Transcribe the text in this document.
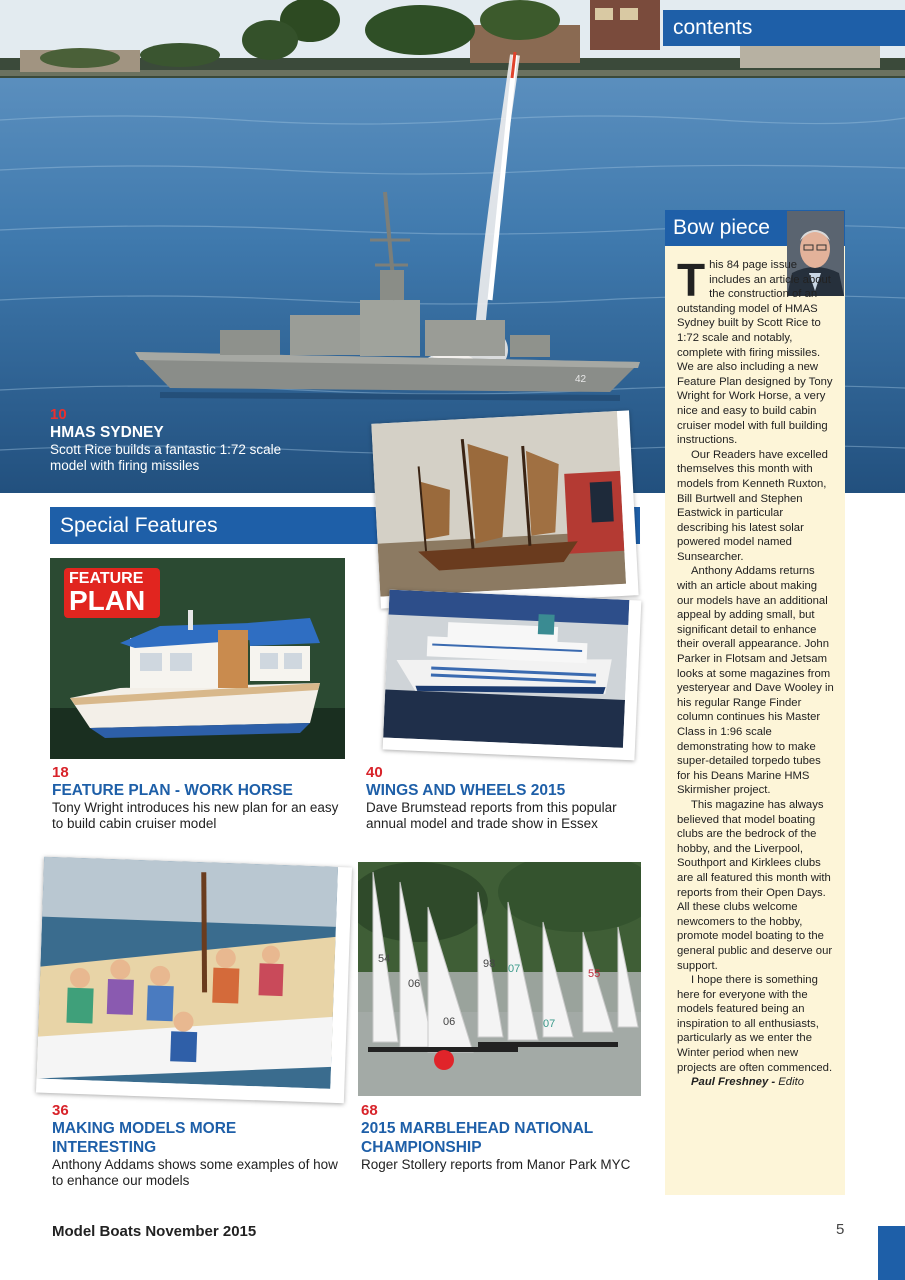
42
contents
10
HMAS SYDNEY
Scott Rice builds a fantastic 1:72 scale model with firing missiles
Special Features
FEATURE
PLAN
18
FEATURE PLAN - WORK HORSE
Tony Wright introduces his new plan for an easy to build cabin cruiser model
40
WINGS AND WHEELS 2015
Dave Brumstead reports from this popular annual model and trade show in Essex
54
06
98 07	55
06	07
36
MAKING MODELS MORE INTERESTING
Anthony Addams shows some examples of how to enhance our models
68
2015 MARBLEHEAD NATIONAL CHAMPIONSHIP
Roger Stollery reports from Manor Park MYC
Bow piece

This 84 page issue includes an article about the construction of an outstanding model of HMAS Sydney built by Scott Rice to 1:72 scale and notably, complete with firing missiles. We are also including a new Feature Plan designed by Tony Wright for Work Horse, a very nice and easy to build cabin cruiser model with full building instructions.

Our Readers have excelled themselves this month with models from Kenneth Ruxton, Bill Burtwell and Stephen Eastwick in particular describing his latest solar powered model named Sunsearcher.

Anthony Addams returns with an article about making our models have an additional appeal by adding small, but significant detail to enhance their overall appearance. John Parker in Flotsam and Jetsam looks at some magazines from yesteryear and Dave Wooley in his regular Range Finder column continues his Master Class in 1:96 scale demonstrating how to make super-detailed torpedo tubes for his Deans Marine HMS Skirmisher project.

This magazine has always believed that model boating clubs are the bedrock of the hobby, and the Liverpool, Southport and Kirklees clubs are all featured this month with reports from their Open Days. All these clubs welcome newcomers to the hobby, promote model boating to the general public and deserve our support.

I hope there is something here for everyone with the models featured being an inspiration to all enthusiasts, particularly as we enter the Winter period when new projects are often commenced.

Paul Freshney - Edito
Model Boats November 2015	5
